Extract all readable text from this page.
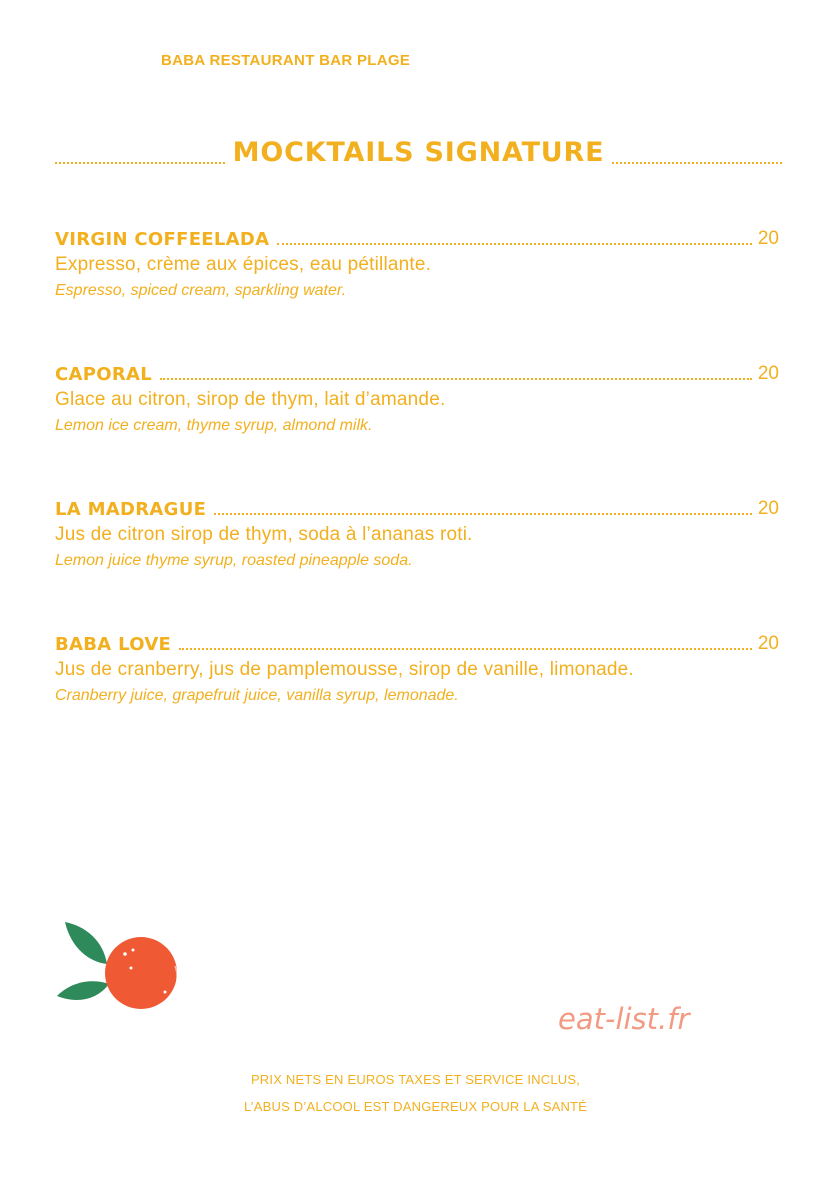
BABA RESTAURANT BAR PLAGE
MOCKTAILS SIGNATURE
VIRGIN COFFEELADA	20
Expresso, crème aux épices, eau pétillante.
Espresso, spiced cream, sparkling water.
CAPORAL	20
Glace au citron, sirop de thym, lait d’amande.
Lemon ice cream, thyme syrup, almond milk.
LA MADRAGUE	20
Jus de citron sirop de thym, soda à l’ananas roti.
Lemon juice thyme syrup, roasted pineapple soda.
BABA LOVE	20
Jus de cranberry, jus de pamplemousse, sirop de vanille, limonade.
Cranberry juice, grapefruit juice, vanilla syrup, lemonade.
eat-list.fr
PRIX NETS EN EUROS TAXES ET SERVICE INCLUS,
L’ABUS D’ALCOOL EST DANGEREUX POUR LA SANTÉ
